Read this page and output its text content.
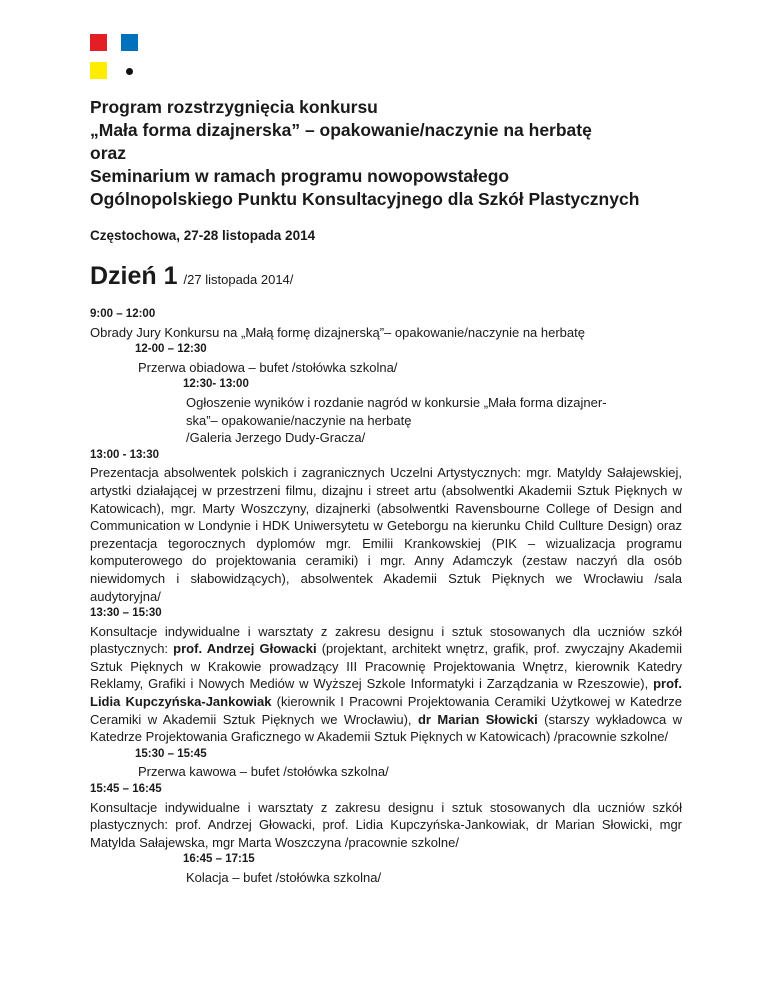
Program rozstrzygnięcia konkursu
„Mała forma dizajnerska” – opakowanie/naczynie na herbatę
oraz
Seminarium w ramach programu nowopowstałego
Ogólnopolskiego Punktu Konsultacyjnego dla Szkół Plastycznych
Częstochowa, 27-28 listopada 2014
Dzień 1 /27 listopada 2014/
9:00 – 12:00
Obrady Jury Konkursu na „Małą formę dizajnerską”– opakowanie/naczynie na herbatę
12-00 – 12:30
Przerwa obiadowa – bufet /stołówka szkolna/
12:30- 13:00
Ogłoszenie wyników i rozdanie nagród w konkursie „Mała forma dizajner-
ska”– opakowanie/naczynie na herbatę
/Galeria Jerzego Dudy-Gracza/
13:00 - 13:30
Prezentacja absolwentek polskich i zagranicznych Uczelni Artystycznych: mgr. Matyldy Sałajewskiej, artystki działającej w przestrzeni filmu, dizajnu i street artu (absolwentki Akademii Sztuk Pięknych w Katowicach), mgr. Marty Woszczyny, dizajnerki (absolwentki Ravensbourne College of Design and Communication w Londynie i HDK Uniwersytetu w Geteborgu na kierunku Child Cullture Design) oraz prezentacja tegorocznych dyplomów mgr. Emilii Krankowskiej (PIK – wizualizacja programu komputerowego do projektowania ceramiki) i mgr. Anny Adamczyk (zestaw naczyń dla osób niewidomych i słabowidzących), absolwentek Akademii Sztuk Pięknych we Wrocławiu /sala audytoryjna/
13:30 – 15:30
Konsultacje indywidualne i warsztaty z zakresu designu i sztuk stosowanych dla uczniów szkół plastycznych: prof. Andrzej Głowacki (projektant, architekt wnętrz, grafik, prof. zwyczajny Akademii Sztuk Pięknych w Krakowie prowadzący III Pracownię Projektowania Wnętrz, kierownik Katedry Reklamy, Grafiki i Nowych Mediów w Wyższej Szkole Informatyki i Zarządzania w Rzeszowie), prof. Lidia Kupczyńska-Jankowiak (kierownik I Pracowni Projektowania Ceramiki Użytkowej w Katedrze Ceramiki w Akademii Sztuk Pięknych we Wrocławiu), dr Marian Słowicki (starszy wykładowca w Katedrze Projektowania Graficznego w Akademii Sztuk Pięknych w Katowicach) /pracownie szkolne/
15:30 – 15:45
Przerwa kawowa – bufet /stołówka szkolna/
15:45 – 16:45
Konsultacje indywidualne i warsztaty z zakresu designu i sztuk stosowanych dla uczniów szkół plastycznych: prof. Andrzej Głowacki, prof. Lidia Kupczyńska-Jankowiak, dr Marian Słowicki, mgr Matylda Sałajewska, mgr Marta Woszczyna /pracownie szkolne/
16:45 – 17:15
Kolacja – bufet /stołówka szkolna/
